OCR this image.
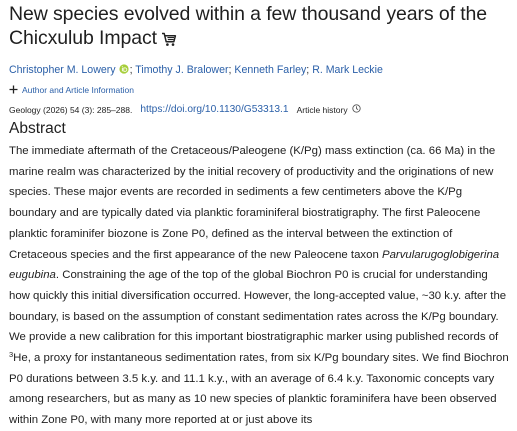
New species evolved within a few thousand years of the Chicxulub Impact
Christopher M. Lowery ; Timothy J. Bralower; Kenneth Farley; R. Mark Leckie
Author and Article Information
Geology (2026) 54 (3): 285–288. https://doi.org/10.1130/G53313.1 Article history
Abstract
The immediate aftermath of the Cretaceous/Paleogene (K/Pg) mass extinction (ca. 66 Ma) in the marine realm was characterized by the initial recovery of productivity and the originations of new species. These major events are recorded in sediments a few centimeters above the K/Pg boundary and are typically dated via planktic foraminiferal biostratigraphy. The first Paleocene planktic foraminifer biozone is Zone P0, defined as the interval between the extinction of Cretaceous species and the first appearance of the new Paleocene taxon Parvularugoglobigerina eugubina. Constraining the age of the top of the global Biochron P0 is crucial for understanding how quickly this initial diversification occurred. However, the long-accepted value, ~30 k.y. after the boundary, is based on the assumption of constant sedimentation rates across the K/Pg boundary. We provide a new calibration for this important biostratigraphic marker using published records of $^3$He, a proxy for instantaneous sedimentation rates, from six K/Pg boundary sites. We find Biochron P0 durations between 3.5 k.y. and 11.1 k.y., with an average of 6.4 k.y. Taxonomic concepts vary among researchers, but as many as 10 new species of planktic foraminifera have been observed within Zone P0, with many more reported at or just above its
